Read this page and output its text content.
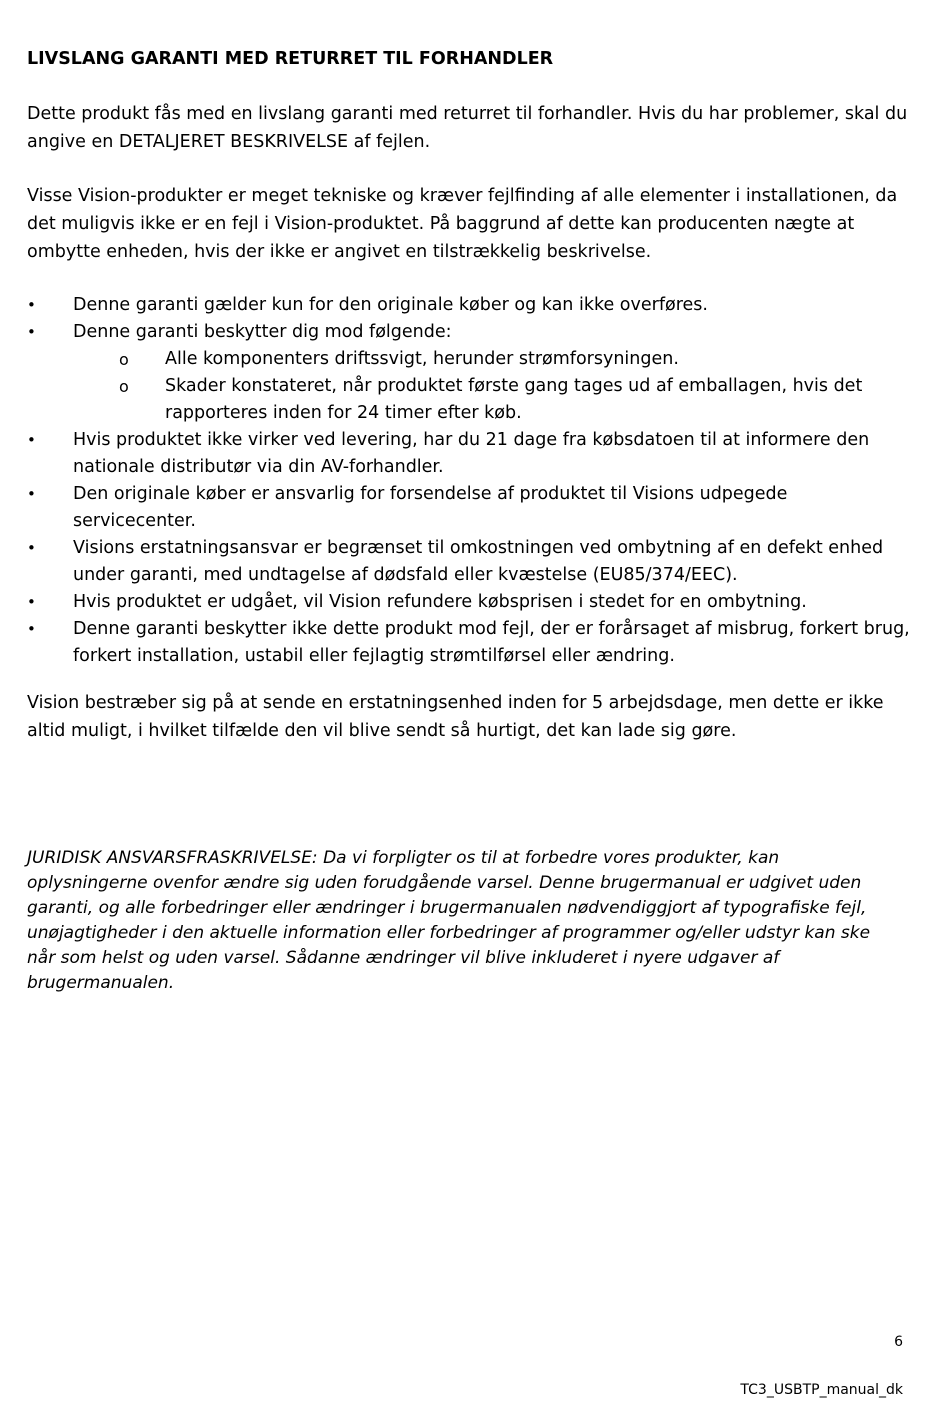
LIVSLANG GARANTI MED RETURRET TIL FORHANDLER

Dette produkt fås med en livslang garanti med returret til forhandler. Hvis du har problemer, skal du angive en DETALJERET BESKRIVELSE af fejlen.

Visse Vision-produkter er meget tekniske og kræver fejlfinding af alle elementer i installationen, da det muligvis ikke er en fejl i Vision-produktet. På baggrund af dette kan producenten nægte at ombytte enheden, hvis der ikke er angivet en tilstrækkelig beskrivelse.

•	Denne garanti gælder kun for den originale køber og kan ikke overføres.
•	Denne garanti beskytter dig mod følgende:
o Alle komponenters driftssvigt, herunder strømforsyningen.
o Skader konstateret, når produktet første gang tages ud af emballagen, hvis det rapporteres inden for 24 timer efter køb.
•	Hvis produktet ikke virker ved levering, har du 21 dage fra købsdatoen til at informere den nationale distributør via din AV-forhandler.
•	Den originale køber er ansvarlig for forsendelse af produktet til Visions udpegede servicecenter.
•	Visions erstatningsansvar er begrænset til omkostningen ved ombytning af en defekt enhed under garanti, med undtagelse af dødsfald eller kvæstelse (EU85/374/EEC).
•	Hvis produktet er udgået, vil Vision refundere købsprisen i stedet for en ombytning.
•	Denne garanti beskytter ikke dette produkt mod fejl, der er forårsaget af misbrug, forkert brug, forkert installation, ustabil eller fejlagtig strømtilførsel eller ændring.

Vision bestræber sig på at sende en erstatningsenhed inden for 5 arbejdsdage, men dette er ikke altid muligt, i hvilket tilfælde den vil blive sendt så hurtigt, det kan lade sig gøre.

JURIDISK ANSVARSFRASKRIVELSE: Da vi forpligter os til at forbedre vores produkter, kan oplysningerne ovenfor ændre sig uden forudgående varsel. Denne brugermanual er udgivet uden garanti, og alle forbedringer eller ændringer i brugermanualen nødvendiggjort af typografiske fejl, unøjagtigheder i den aktuelle information eller forbedringer af programmer og/eller udstyr kan ske når som helst og uden varsel. Sådanne ændringer vil blive inkluderet i nyere udgaver af brugermanualen.

6
TC3_USBTP_manual_dk
